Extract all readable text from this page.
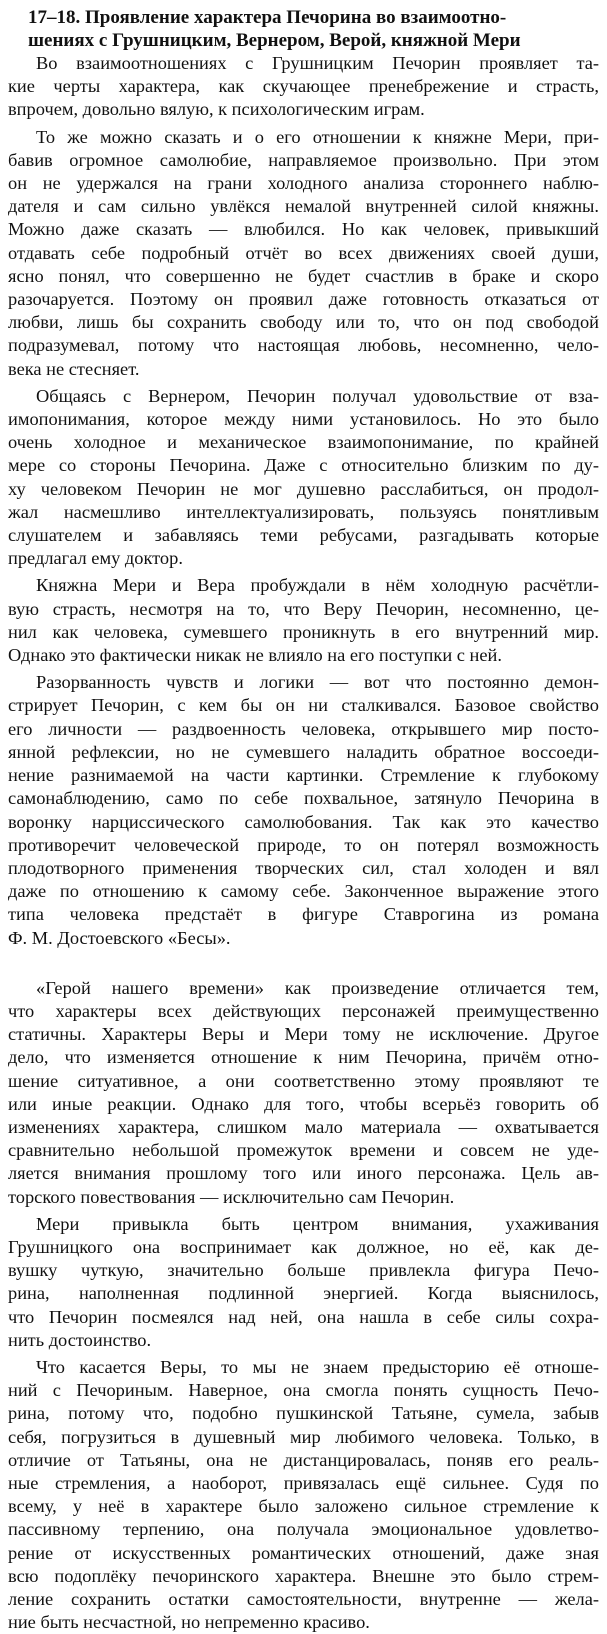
17–18. Проявление характера Печорина во взаимоотно-
шениях с Грушницким, Вернером, Верой, княжной Мери
Во взаимоотношениях с Грушницким Печорин проявляет та-
кие черты характера, как скучающее пренебрежение и страсть,
впрочем, довольно вялую, к психологическим играм.
То же можно сказать и о его отношении к княжне Мери, при-
бавив огромное самолюбие, направляемое произвольно. При этом
он не удержался на грани холодного анализа стороннего наблю-
дателя и сам сильно увлёкся немалой внутренней силой княжны.
Можно даже сказать — влюбился. Но как человек, привыкший
отдавать себе подробный отчёт во всех движениях своей души,
ясно понял, что совершенно не будет счастлив в браке и скоро
разочаруется. Поэтому он проявил даже готовность отказаться от
любви, лишь бы сохранить свободу или то, что он под свободой
подразумевал, потому что настоящая любовь, несомненно, чело-
века не стесняет.
Общаясь с Вернером, Печорин получал удовольствие от вза-
имопонимания, которое между ними установилось. Но это было
очень холодное и механическое взаимопонимание, по крайней
мере со стороны Печорина. Даже с относительно близким по ду-
ху человеком Печорин не мог душевно расслабиться, он продол-
жал насмешливо интеллектуализировать, пользуясь понятливым
слушателем и забавляясь теми ребусами, разгадывать которые
предлагал ему доктор.
Княжна Мери и Вера пробуждали в нём холодную расчётли-
вую страсть, несмотря на то, что Веру Печорин, несомненно, це-
нил как человека, сумевшего проникнуть в его внутренний мир.
Однако это фактически никак не влияло на его поступки с ней.
Разорванность чувств и логики — вот что постоянно демон-
стрирует Печорин, с кем бы он ни сталкивался. Базовое свойство
его личности — раздвоенность человека, открывшего мир посто-
янной рефлексии, но не сумевшего наладить обратное воссоеди-
нение разнимаемой на части картинки. Стремление к глубокому
самонаблюдению, само по себе похвальное, затянуло Печорина в
воронку нарциссического самолюбования. Так как это качество
противоречит человеческой природе, то он потерял возможность
плодотворного применения творческих сил, стал холоден и вял
даже по отношению к самому себе. Законченное выражение этого
типа человека предстаёт в фигуре Ставрогина из романа
Ф. М. Достоевского «Бесы».
«Герой нашего времени» как произведение отличается тем,
что характеры всех действующих персонажей преимущественно
статичны. Характеры Веры и Мери тому не исключение. Другое
дело, что изменяется отношение к ним Печорина, причём отно-
шение ситуативное, а они соответственно этому проявляют те
или иные реакции. Однако для того, чтобы всерьёз говорить об
изменениях характера, слишком мало материала — охватывается
сравнительно небольшой промежуток времени и совсем не уде-
ляется внимания прошлому того или иного персонажа. Цель ав-
торского повествования — исключительно сам Печорин.
Мери привыкла быть центром внимания, ухаживания
Грушницкого она воспринимает как должное, но её, как де-
вушку чуткую, значительно больше привлекла фигура Печо-
рина, наполненная подлинной энергией. Когда выяснилось,
что Печорин посмеялся над ней, она нашла в себе силы сохра-
нить достоинство.
Что касается Веры, то мы не знаем предысторию её отноше-
ний с Печориным. Наверное, она смогла понять сущность Печо-
рина, потому что, подобно пушкинской Татьяне, сумела, забыв
себя, погрузиться в душевный мир любимого человека. Только, в
отличие от Татьяны, она не дистанцировалась, поняв его реаль-
ные стремления, а наоборот, привязалась ещё сильнее. Судя по
всему, у неё в характере было заложено сильное стремление к
пассивному терпению, она получала эмоциональное удовлетво-
рение от искусственных романтических отношений, даже зная
всю подоплёку печоринского характера. Внешне это было стрем-
ление сохранить остатки самостоятельности, внутренне — жела-
ние быть несчастной, но непременно красиво.
